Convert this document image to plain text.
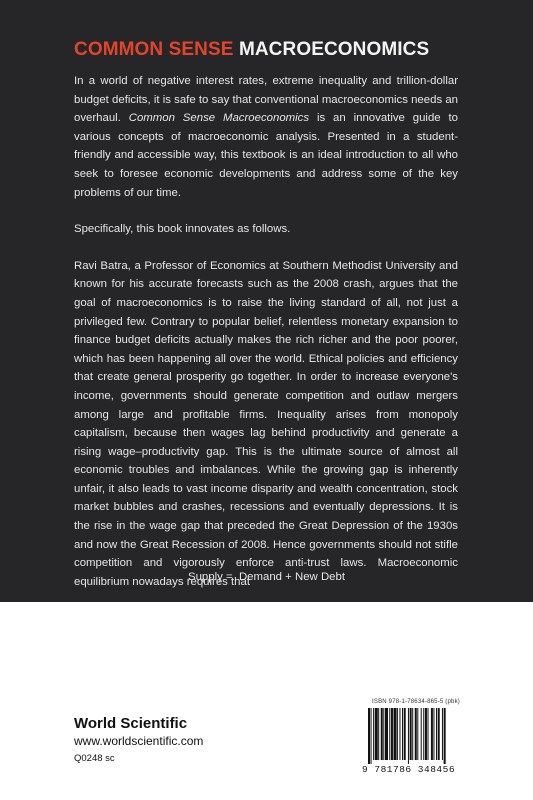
COMMON SENSE MACROECONOMICS

In a world of negative interest rates, extreme inequality and trillion-dollar budget deficits, it is safe to say that conventional macroeconomics needs an overhaul. Common Sense Macroeconomics is an innovative guide to various concepts of macroeconomic analysis. Presented in a student-friendly and accessible way, this textbook is an ideal introduction to all who seek to foresee economic developments and address some of the key problems of our time.

Specifically, this book innovates as follows.

Ravi Batra, a Professor of Economics at Southern Methodist University and known for his accurate forecasts such as the 2008 crash, argues that the goal of macroeconomics is to raise the living standard of all, not just a privileged few. Contrary to popular belief, relentless monetary expansion to finance budget deficits actually makes the rich richer and the poor poorer, which has been happening all over the world. Ethical policies and efficiency that create general prosperity go together. In order to increase everyone's income, governments should generate competition and outlaw mergers among large and profitable firms. Inequality arises from monopoly capitalism, because then wages lag behind productivity and generate a rising wage–productivity gap. This is the ultimate source of almost all economic troubles and imbalances. While the growing gap is inherently unfair, it also leads to vast income disparity and wealth concentration, stock market bubbles and crashes, recessions and eventually depressions. It is the rise in the wage gap that preceded the Great Depression of the 1930s and now the Great Recession of 2008. Hence governments should not stifle competition and vigorously enforce anti-trust laws. Macroeconomic equilibrium nowadays requires that

Supply =  Demand + New Debt
World Scientific
www.worldscientific.com
Q0248 sc
ISBN 978-1-78634-865-5 (pbk)
9 781786 348456
